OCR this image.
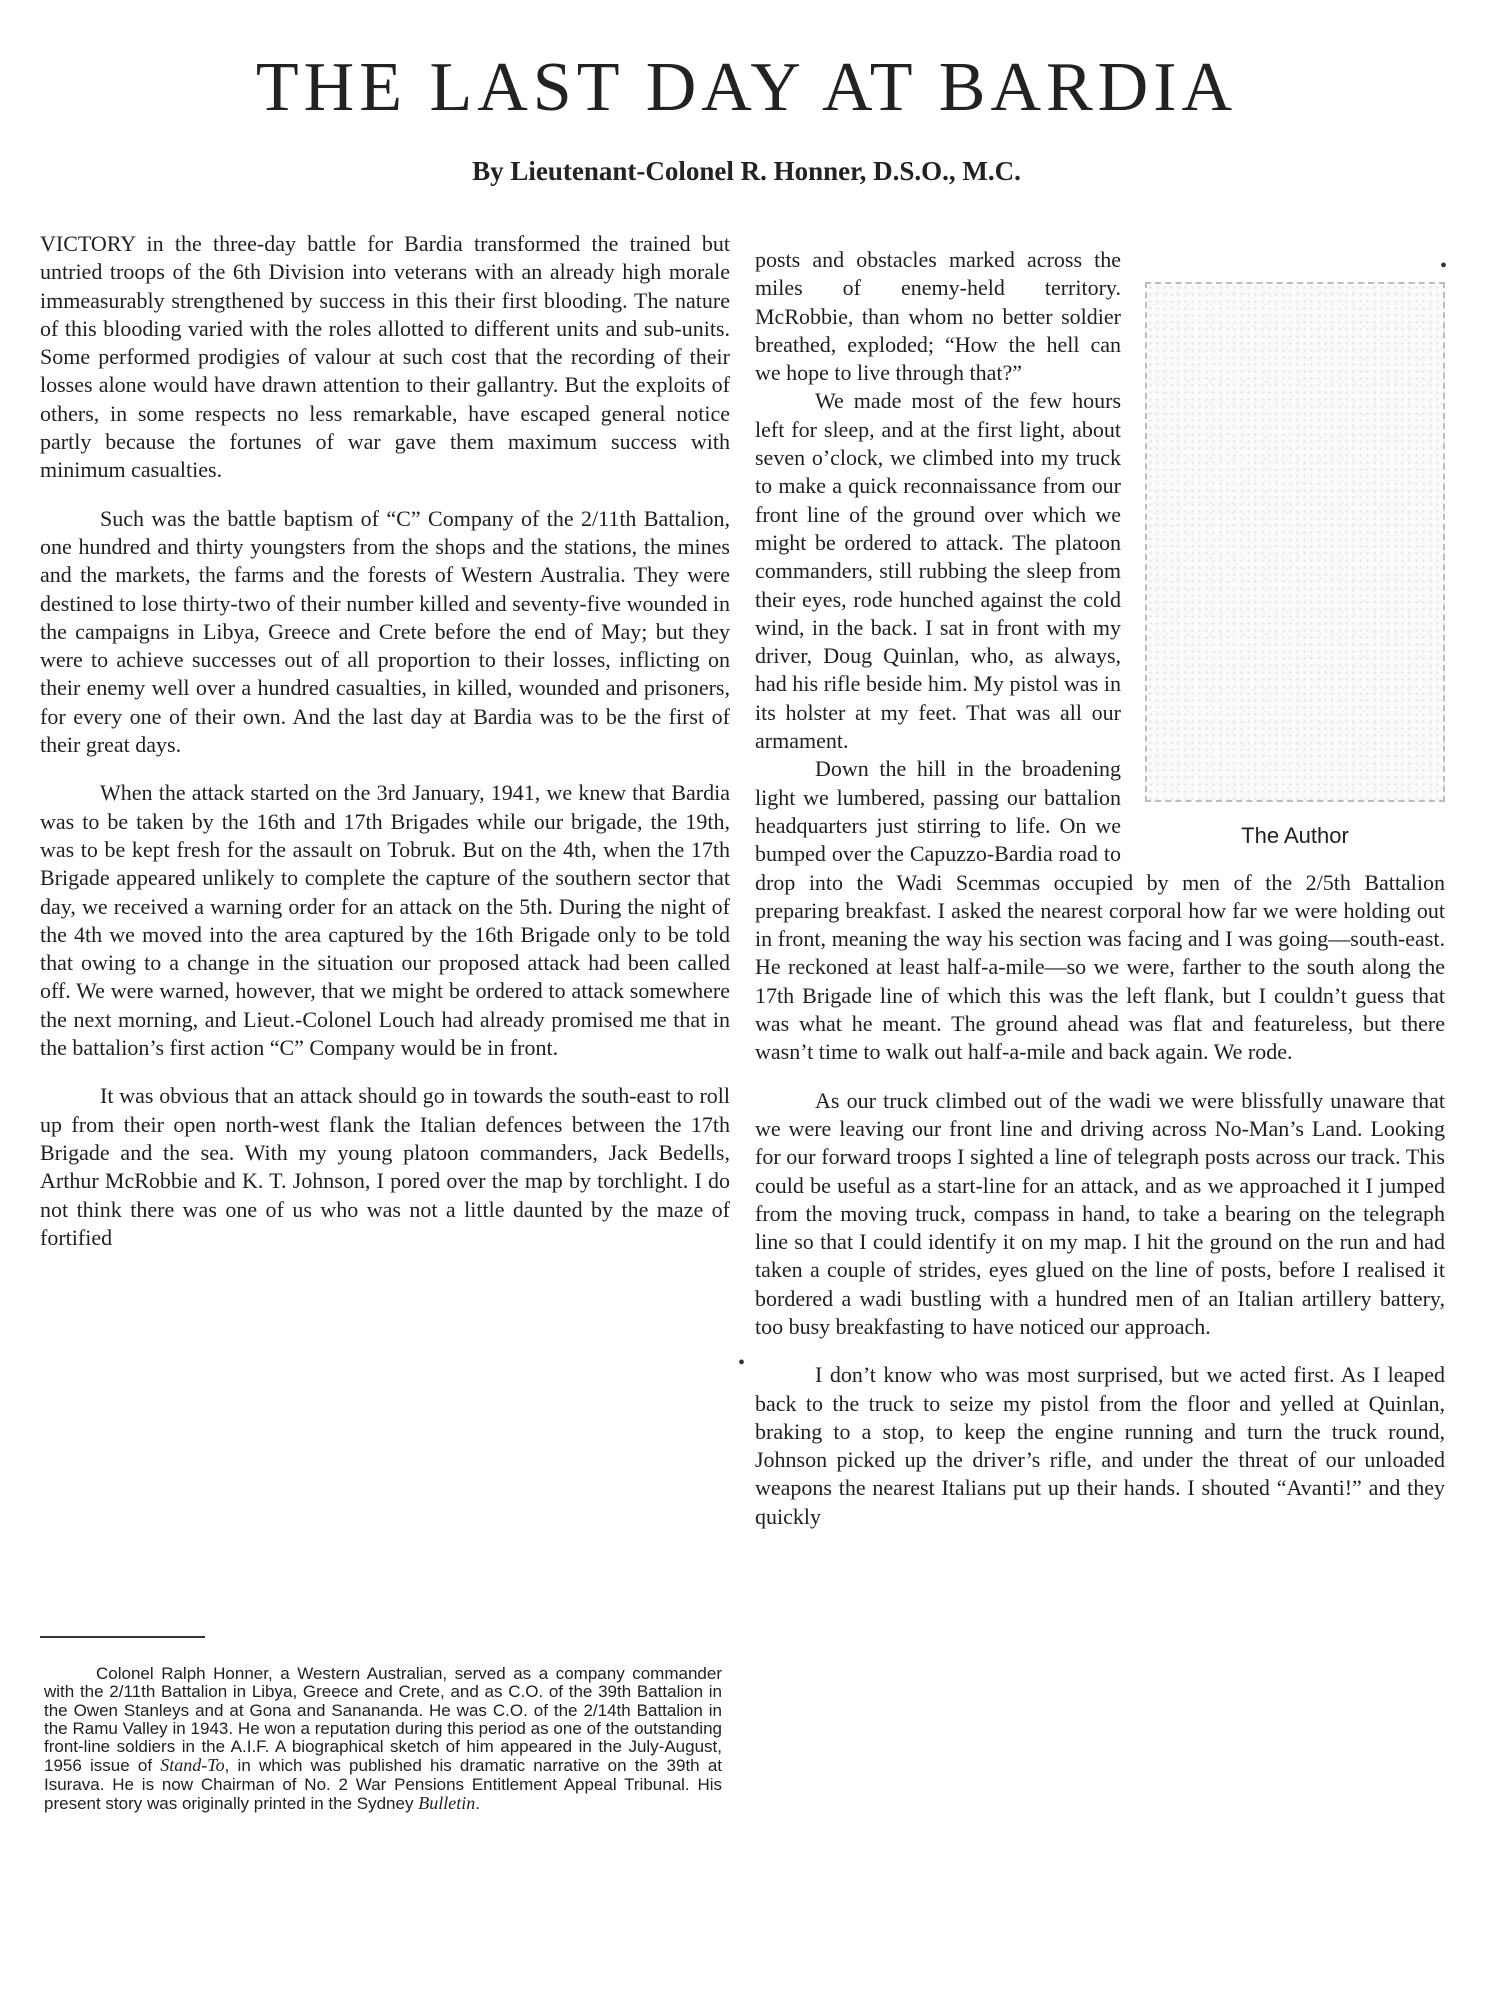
THE LAST DAY AT BARDIA
By Lieutenant-Colonel R. Honner, D.S.O., M.C.

VICTORY in the three-day battle for Bardia transformed the trained but untried troops of the 6th Division into veterans with an already high morale immeasurably strengthened by success in this their first blooding. The nature of this blooding varied with the roles allotted to different units and sub-units. Some performed prodigies of valour at such cost that the recording of their losses alone would have drawn attention to their gallantry. But the exploits of others, in some respects no less remarkable, have escaped general notice partly because the fortunes of war gave them maximum success with minimum casualties.

Such was the battle baptism of “C” Company of the 2/11th Battalion, one hundred and thirty youngsters from the shops and the stations, the mines and the markets, the farms and the forests of Western Australia. They were destined to lose thirty-two of their number killed and seventy-five wounded in the campaigns in Libya, Greece and Crete before the end of May; but they were to achieve successes out of all proportion to their losses, inflicting on their enemy well over a hundred casualties, in killed, wounded and prisoners, for every one of their own. And the last day at Bardia was to be the first of their great days.

When the attack started on the 3rd January, 1941, we knew that Bardia was to be taken by the 16th and 17th Brigades while our brigade, the 19th, was to be kept fresh for the assault on Tobruk. But on the 4th, when the 17th Brigade appeared unlikely to complete the capture of the southern sector that day, we received a warning order for an attack on the 5th. During the night of the 4th we moved into the area captured by the 16th Brigade only to be told that owing to a change in the situation our proposed attack had been called off. We were warned, however, that we might be ordered to attack somewhere the next morning, and Lieut.-Colonel Louch had already promised me that in the battalion’s first action “C” Company would be in front.

It was obvious that an attack should go in towards the south-east to roll up from their open north-west flank the Italian defences between the 17th Brigade and the sea. With my young platoon commanders, Jack Bedells, Arthur McRobbie and K. T. Johnson, I pored over the map by torchlight. I do not think there was one of us who was not a little daunted by the maze of fortified

The Author

posts and obstacles marked across the miles of enemy-held territory. McRobbie, than whom no better soldier breathed, exploded; “How the hell can we hope to live through that?”

We made most of the few hours left for sleep, and at the first light, about seven o’clock, we climbed into my truck to make a quick reconnaissance from our front line of the ground over which we might be ordered to attack. The platoon commanders, still rubbing the sleep from their eyes, rode hunched against the cold wind, in the back. I sat in front with my driver, Doug Quinlan, who, as always, had his rifle beside him. My pistol was in its holster at my feet. That was all our armament.

Down the hill in the broadening light we lumbered, passing our battalion headquarters just stirring to life. On we bumped over the Capuzzo-Bardia road to drop into the Wadi Scemmas occupied by men of the 2/5th Battalion preparing breakfast. I asked the nearest corporal how far we were holding out in front, meaning the way his section was facing and I was going—south-east. He reckoned at least half-a-mile—so we were, farther to the south along the 17th Brigade line of which this was the left flank, but I couldn’t guess that was what he meant. The ground ahead was flat and featureless, but there wasn’t time to walk out half-a-mile and back again. We rode.

As our truck climbed out of the wadi we were blissfully unaware that we were leaving our front line and driving across No-Man’s Land. Looking for our forward troops I sighted a line of telegraph posts across our track. This could be useful as a start-line for an attack, and as we approached it I jumped from the moving truck, compass in hand, to take a bearing on the telegraph line so that I could identify it on my map. I hit the ground on the run and had taken a couple of strides, eyes glued on the line of posts, before I realised it bordered a wadi bustling with a hundred men of an Italian artillery battery, too busy breakfasting to have noticed our approach.

I don’t know who was most surprised, but we acted first. As I leaped back to the truck to seize my pistol from the floor and yelled at Quinlan, braking to a stop, to keep the engine running and turn the truck round, Johnson picked up the driver’s rifle, and under the threat of our unloaded weapons the nearest Italians put up their hands. I shouted “Avanti!” and they quickly

•
•

Colonel Ralph Honner, a Western Australian, served as a company commander with the 2/11th Battalion in Libya, Greece and Crete, and as C.O. of the 39th Battalion in the Owen Stanleys and at Gona and Sanananda. He was C.O. of the 2/14th Battalion in the Ramu Valley in 1943. He won a reputation during this period as one of the outstanding front-line soldiers in the A.I.F. A biographical sketch of him appeared in the July-August, 1956 issue of Stand-To, in which was published his dramatic narrative on the 39th at Isurava. He is now Chairman of No. 2 War Pensions Entitlement Appeal Tribunal. His present story was originally printed in the Sydney Bulletin.
